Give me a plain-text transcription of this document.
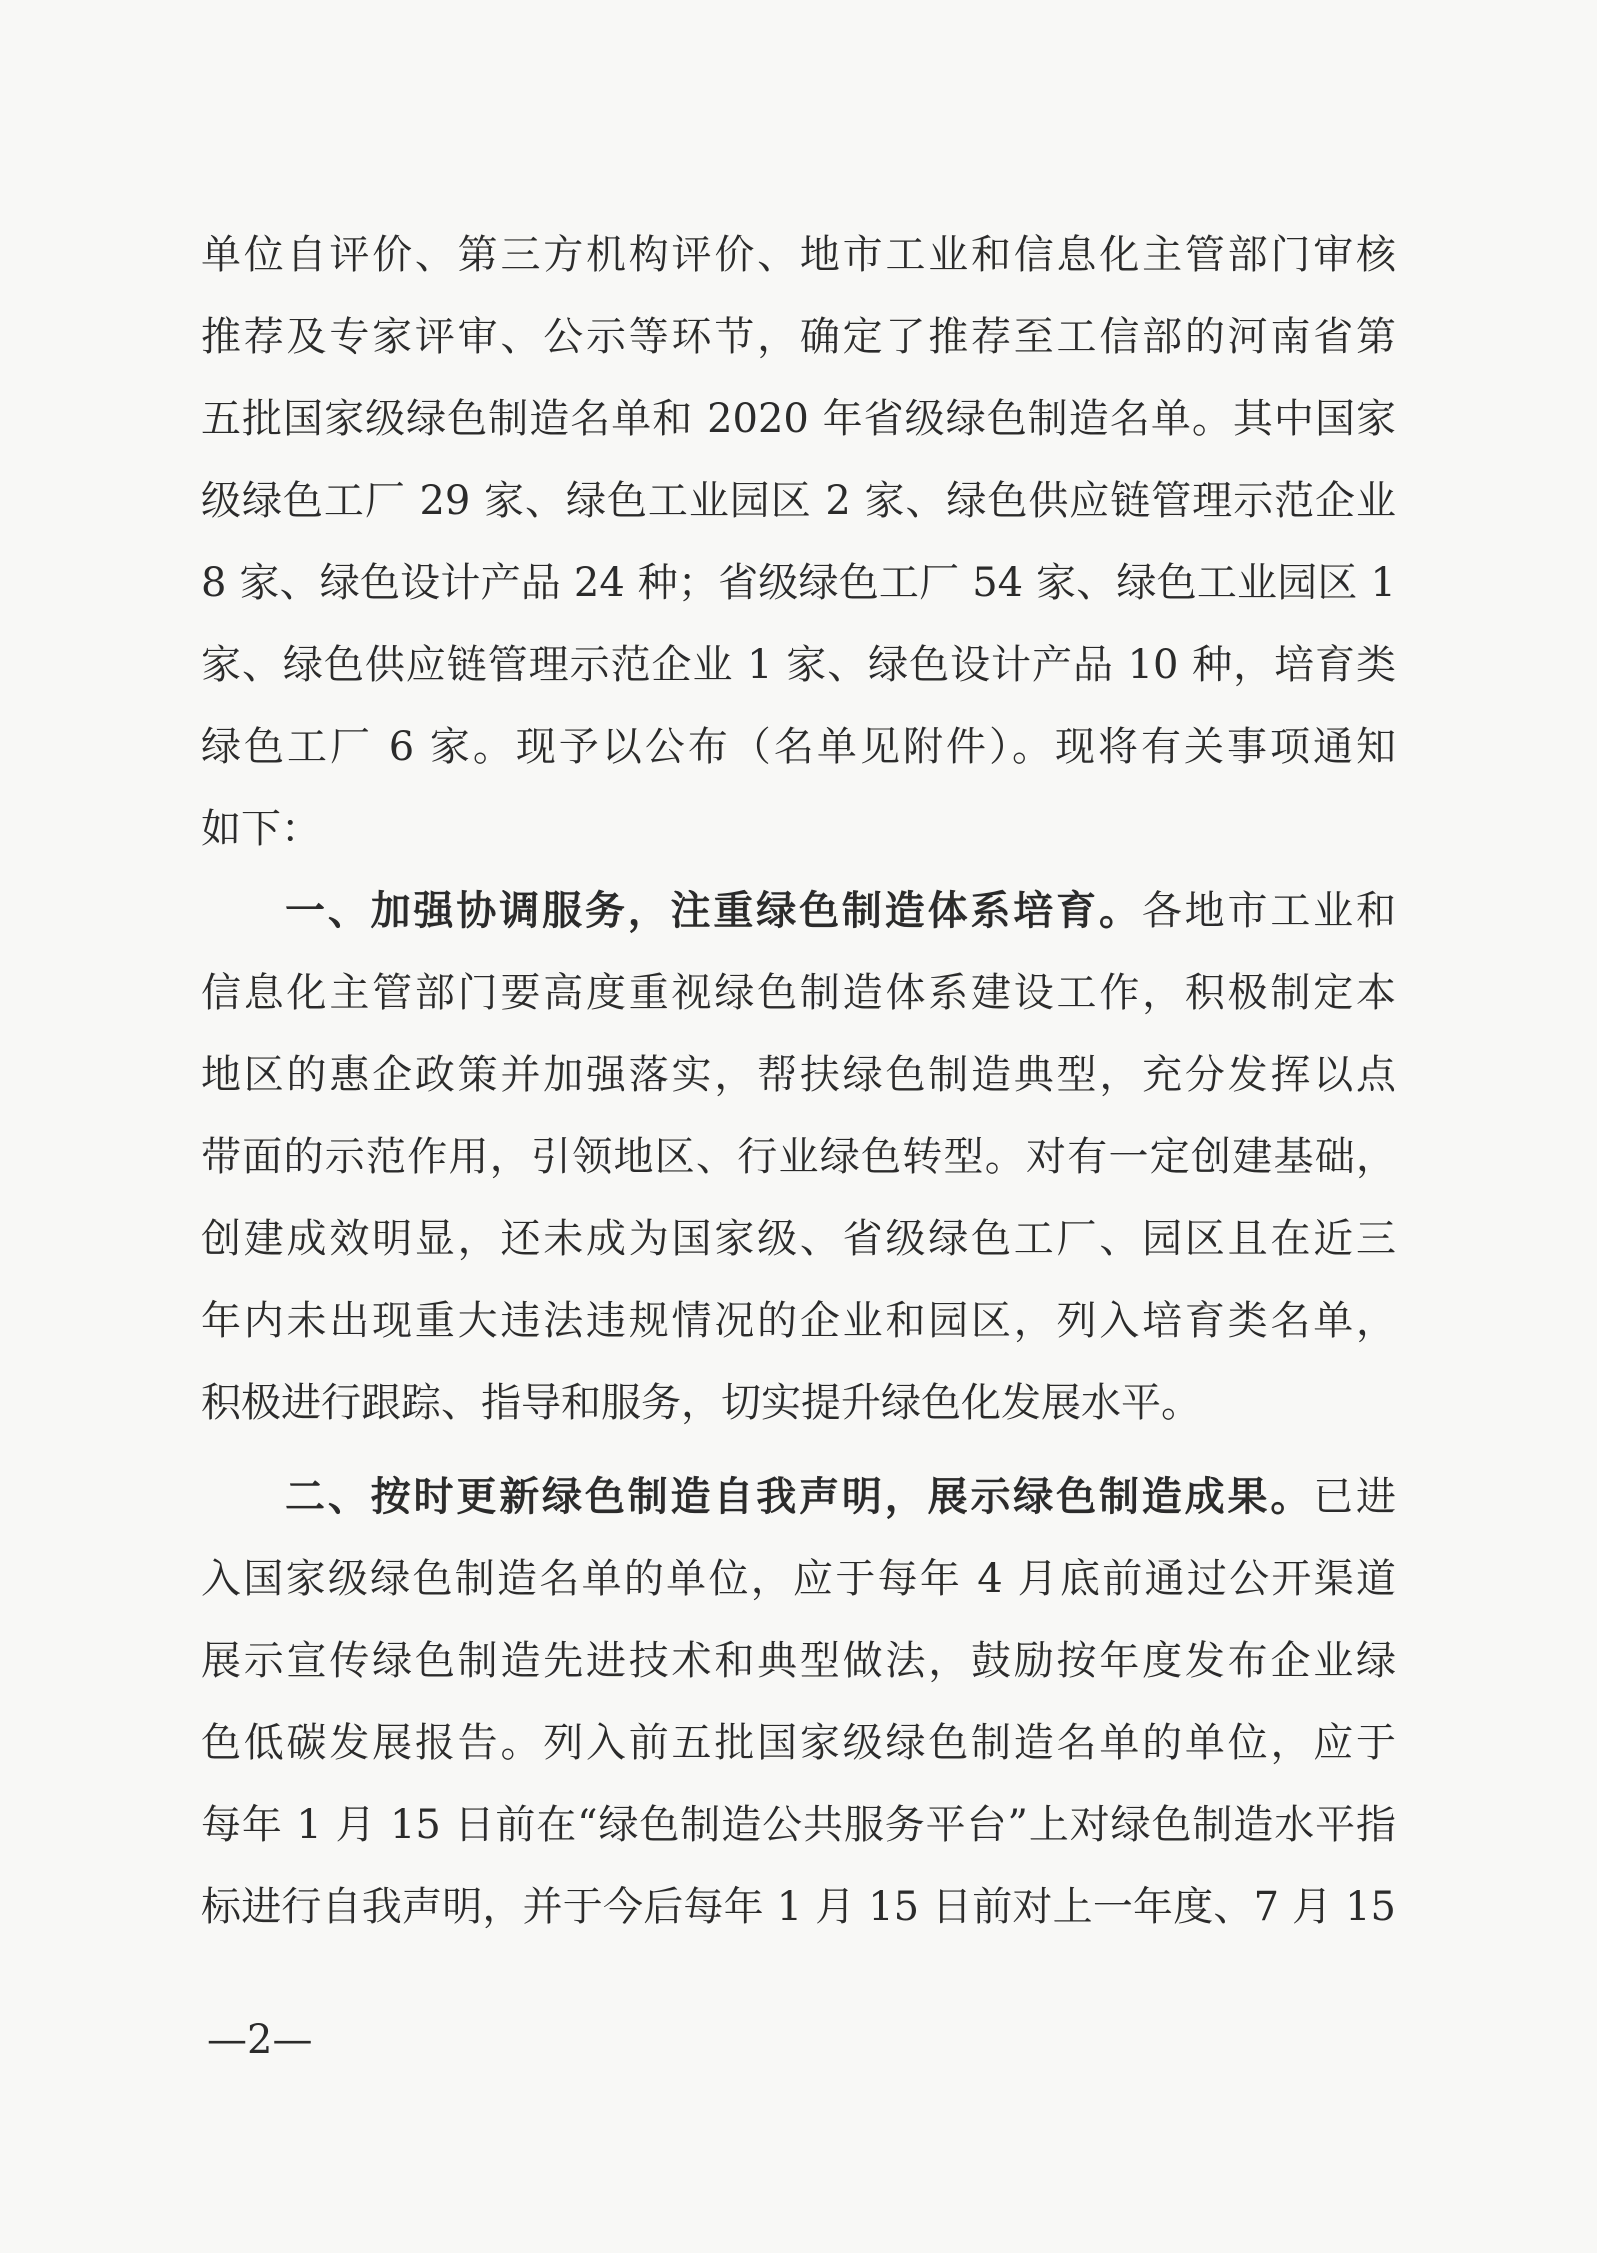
单位自评价、第三方机构评价、地市工业和信息化主管部门审核
推荐及专家评审、公示等环节，确定了推荐至工信部的河南省第
五批国家级绿色制造名单和 2020 年省级绿色制造名单。其中国家
级绿色工厂 29 家、绿色工业园区 2 家、绿色供应链管理示范企业
8 家、绿色设计产品 24 种；省级绿色工厂 54 家、绿色工业园区 1
家、绿色供应链管理示范企业 1 家、绿色设计产品 10 种，培育类
绿色工厂 6 家。现予以公布（名单见附件）。现将有关事项通知
如下：
一、加强协调服务，注重绿色制造体系培育。各地市工业和
信息化主管部门要高度重视绿色制造体系建设工作，积极制定本
地区的惠企政策并加强落实，帮扶绿色制造典型，充分发挥以点
带面的示范作用，引领地区、行业绿色转型。对有一定创建基础，
创建成效明显，还未成为国家级、省级绿色工厂、园区且在近三
年内未出现重大违法违规情况的企业和园区，列入培育类名单，
积极进行跟踪、指导和服务，切实提升绿色化发展水平。
二、按时更新绿色制造自我声明，展示绿色制造成果。已进
入国家级绿色制造名单的单位，应于每年 4 月底前通过公开渠道
展示宣传绿色制造先进技术和典型做法，鼓励按年度发布企业绿
色低碳发展报告。列入前五批国家级绿色制造名单的单位，应于
每年 1 月 15 日前在“绿色制造公共服务平台”上对绿色制造水平指
标进行自我声明，并于今后每年 1 月 15 日前对上一年度、7 月 15
—2—
